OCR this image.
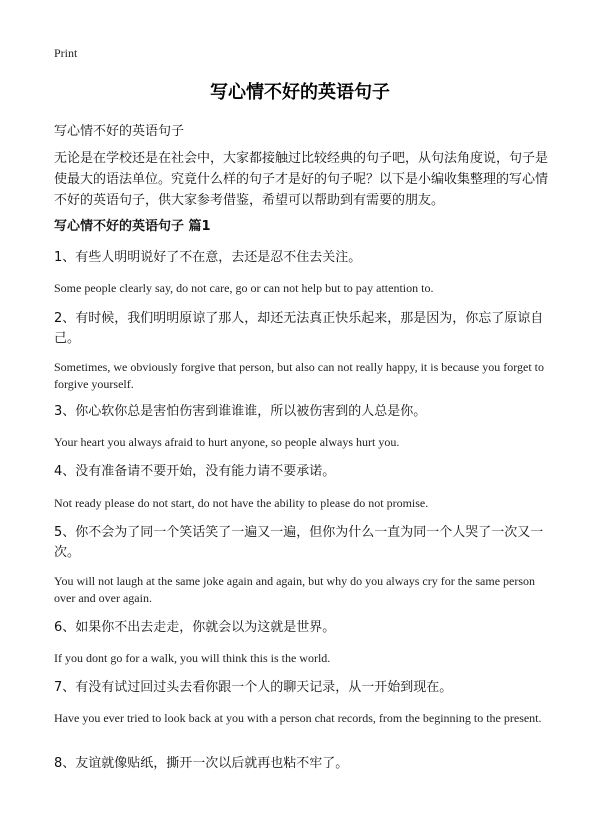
Print
写心情不好的英语句子
写心情不好的英语句子
无论是在学校还是在社会中，大家都接触过比较经典的句子吧，从句法角度说，句子是使最大的语法单位。究竟什么样的句子才是好的句子呢？以下是小编收集整理的写心情不好的英语句子，供大家参考借鉴，希望可以帮助到有需要的朋友。
写心情不好的英语句子 篇1
1、有些人明明说好了不在意，去还是忍不住去关注。
Some people clearly say, do not care, go or can not help but to pay attention to.
2、有时候，我们明明原谅了那人，却还无法真正快乐起来，那是因为，你忘了原谅自己。
Sometimes, we obviously forgive that person, but also can not really happy, it is because you forget to forgive yourself.
3、你心软你总是害怕伤害到谁谁谁，所以被伤害到的人总是你。
Your heart you always afraid to hurt anyone, so people always hurt you.
4、没有准备请不要开始，没有能力请不要承诺。
Not ready please do not start, do not have the ability to please do not promise.
5、你不会为了同一个笑话笑了一遍又一遍，但你为什么一直为同一个人哭了一次又一次。
You will not laugh at the same joke again and again, but why do you always cry for the same person over and over again.
6、如果你不出去走走，你就会以为这就是世界。
If you dont go for a walk, you will think this is the world.
7、有没有试过回过头去看你跟一个人的聊天记录，从一开始到现在。
Have you ever tried to look back at you with a person chat records, from the beginning to the present.
8、友谊就像贴纸，撕开一次以后就再也粘不牢了。
